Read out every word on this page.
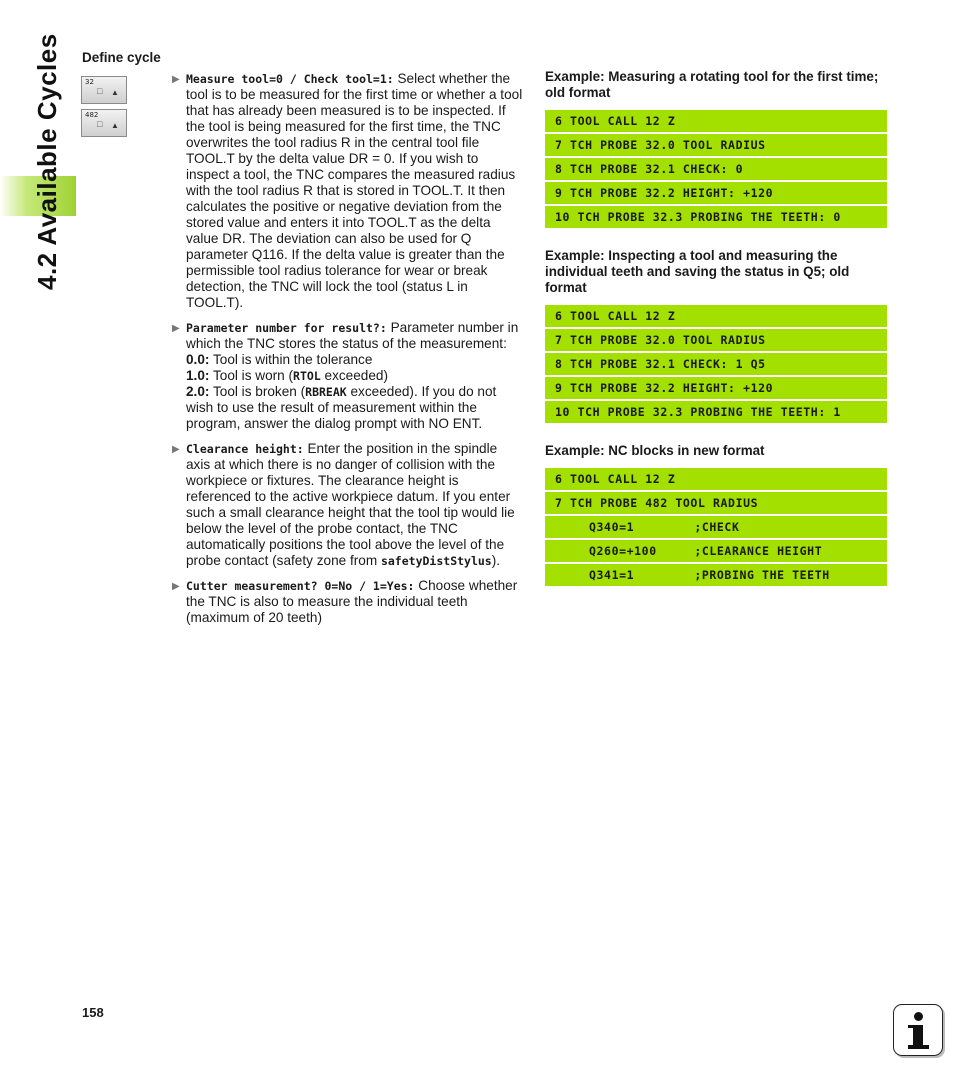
4.2 Available Cycles Define cycle
32
□ ▲
482
□ ▲
▶ Measure tool=0 / Check tool=1: Select whether the tool is to be measured for the first time or whether a tool that has already been measured is to be inspected. If the tool is being measured for the first time, the TNC overwrites the tool radius R in the central tool file TOOL.T by the delta value DR = 0. If you wish to inspect a tool, the TNC compares the measured radius with the tool radius R that is stored in TOOL.T. It then calculates the positive or negative deviation from the stored value and enters it into TOOL.T as the delta value DR. The deviation can also be used for Q parameter Q116. If the delta value is greater than the permissible tool radius tolerance for wear or break detection, the TNC will lock the tool (status L in TOOL.T).
▶ Parameter number for result?: Parameter number in which the TNC stores the status of the measurement:
0.0: Tool is within the tolerance
1.0: Tool is worn (RTOL exceeded)
2.0: Tool is broken (RBREAK exceeded). If you do not wish to use the result of measurement within the program, answer the dialog prompt with NO ENT.
▶ Clearance height: Enter the position in the spindle axis at which there is no danger of collision with the workpiece or fixtures. The clearance height is referenced to the active workpiece datum. If you enter such a small clearance height that the tool tip would lie below the level of the probe contact, the TNC automatically positions the tool above the level of the probe contact (safety zone from safetyDistStylus).
▶ Cutter measurement? 0=No / 1=Yes: Choose whether the TNC is also to measure the individual teeth (maximum of 20 teeth)

Example: Measuring a rotating tool for the first time; old format

6 TOOL CALL 12 Z
7 TCH PROBE 32.0 TOOL RADIUS
8 TCH PROBE 32.1 CHECK: 0
9 TCH PROBE 32.2 HEIGHT: +120
10 TCH PROBE 32.3 PROBING THE TEETH: 0

Example: Inspecting a tool and measuring the individual teeth and saving the status in Q5; old format

6 TOOL CALL 12 Z
7 TCH PROBE 32.0 TOOL RADIUS
8 TCH PROBE 32.1 CHECK: 1 Q5
9 TCH PROBE 32.2 HEIGHT: +120
10 TCH PROBE 32.3 PROBING THE TEETH: 1

Example: NC blocks in new format

6 TOOL CALL 12 Z
7 TCH PROBE 482 TOOL RADIUS
Q340=1        ;CHECK
Q260=+100     ;CLEARANCE HEIGHT
Q341=1        ;PROBING THE TEETH
158
